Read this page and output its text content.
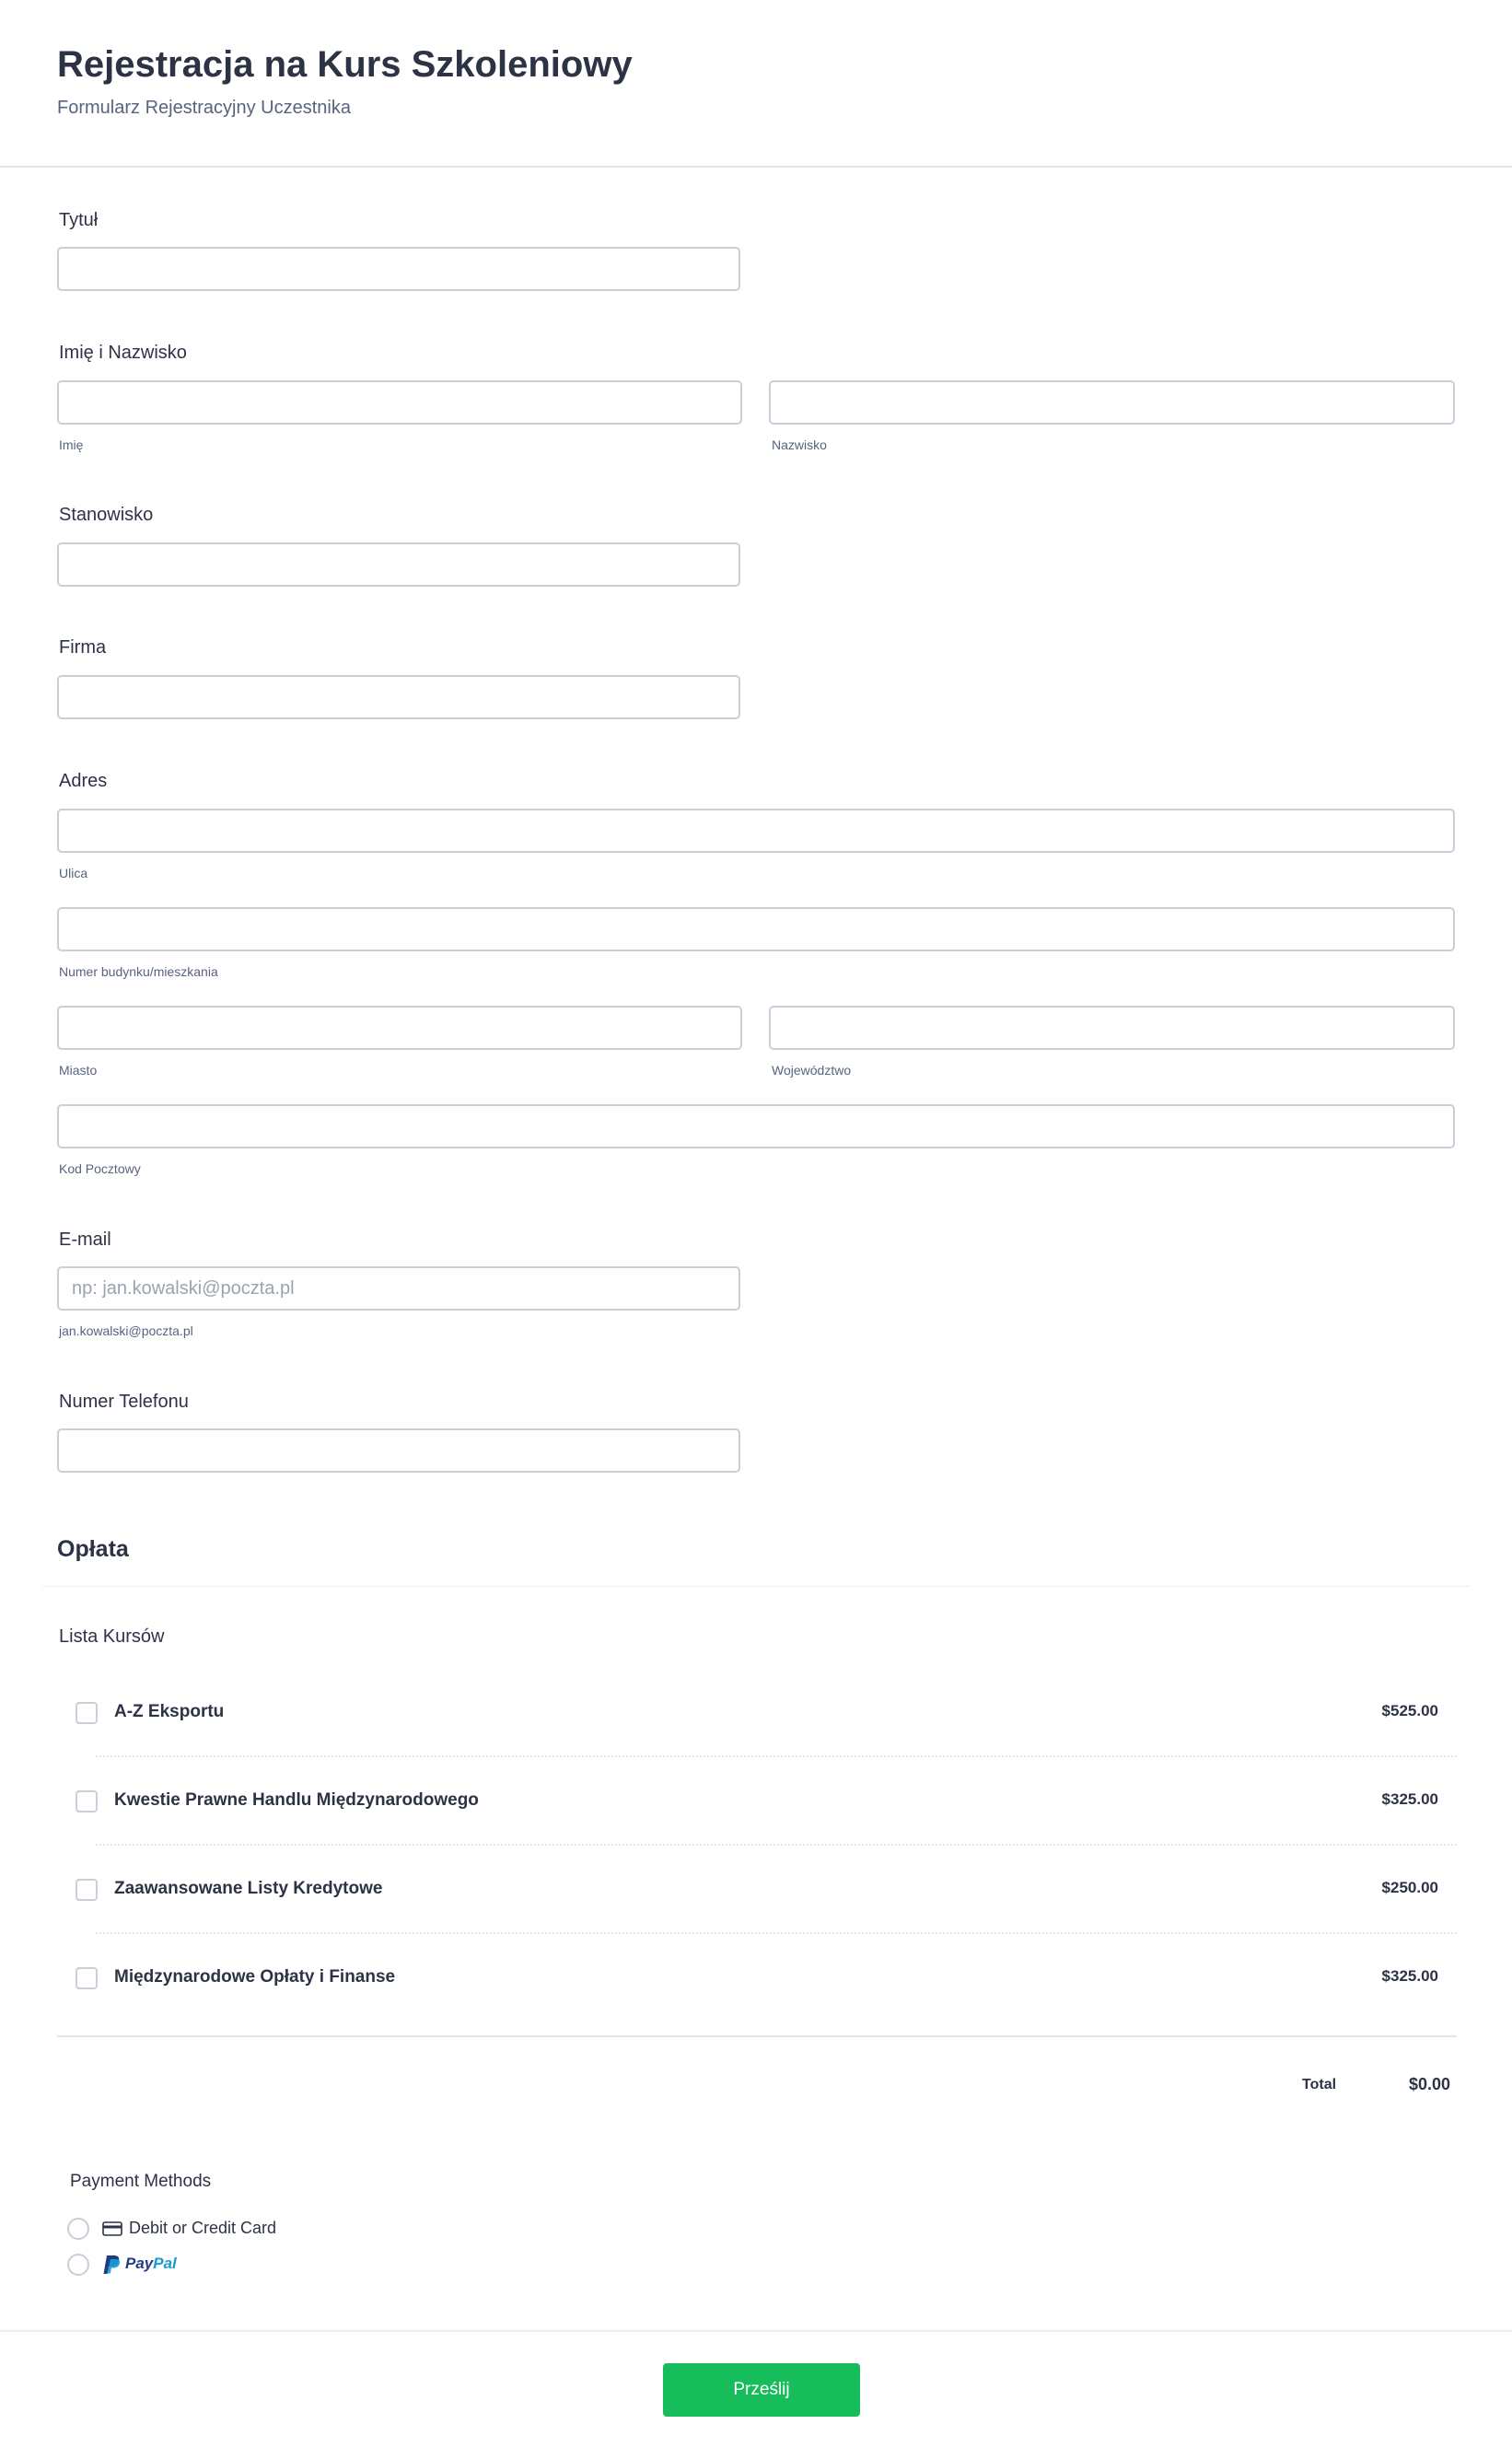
Rejestracja na Kurs Szkoleniowy
Formularz Rejestracyjny Uczestnika
Tytuł
Imię i Nazwisko
Imię	Nazwisko
Stanowisko
Firma
Adres
Ulica
Numer budynku/mieszkania
Miasto	Województwo
Kod Pocztowy
E-mail
np: jan.kowalski@poczta.pl
jan.kowalski@poczta.pl
Numer Telefonu
Opłata
Lista Kursów
A-Z Eksportu	$525.00
Kwestie Prawne Handlu Międzynarodowego	$325.00
Zaawansowane Listy Kredytowe	$250.00
Międzynarodowe Opłaty i Finanse	$325.00
Total	$0.00
Payment Methods
Debit or Credit Card
PayPal
Prześlij
